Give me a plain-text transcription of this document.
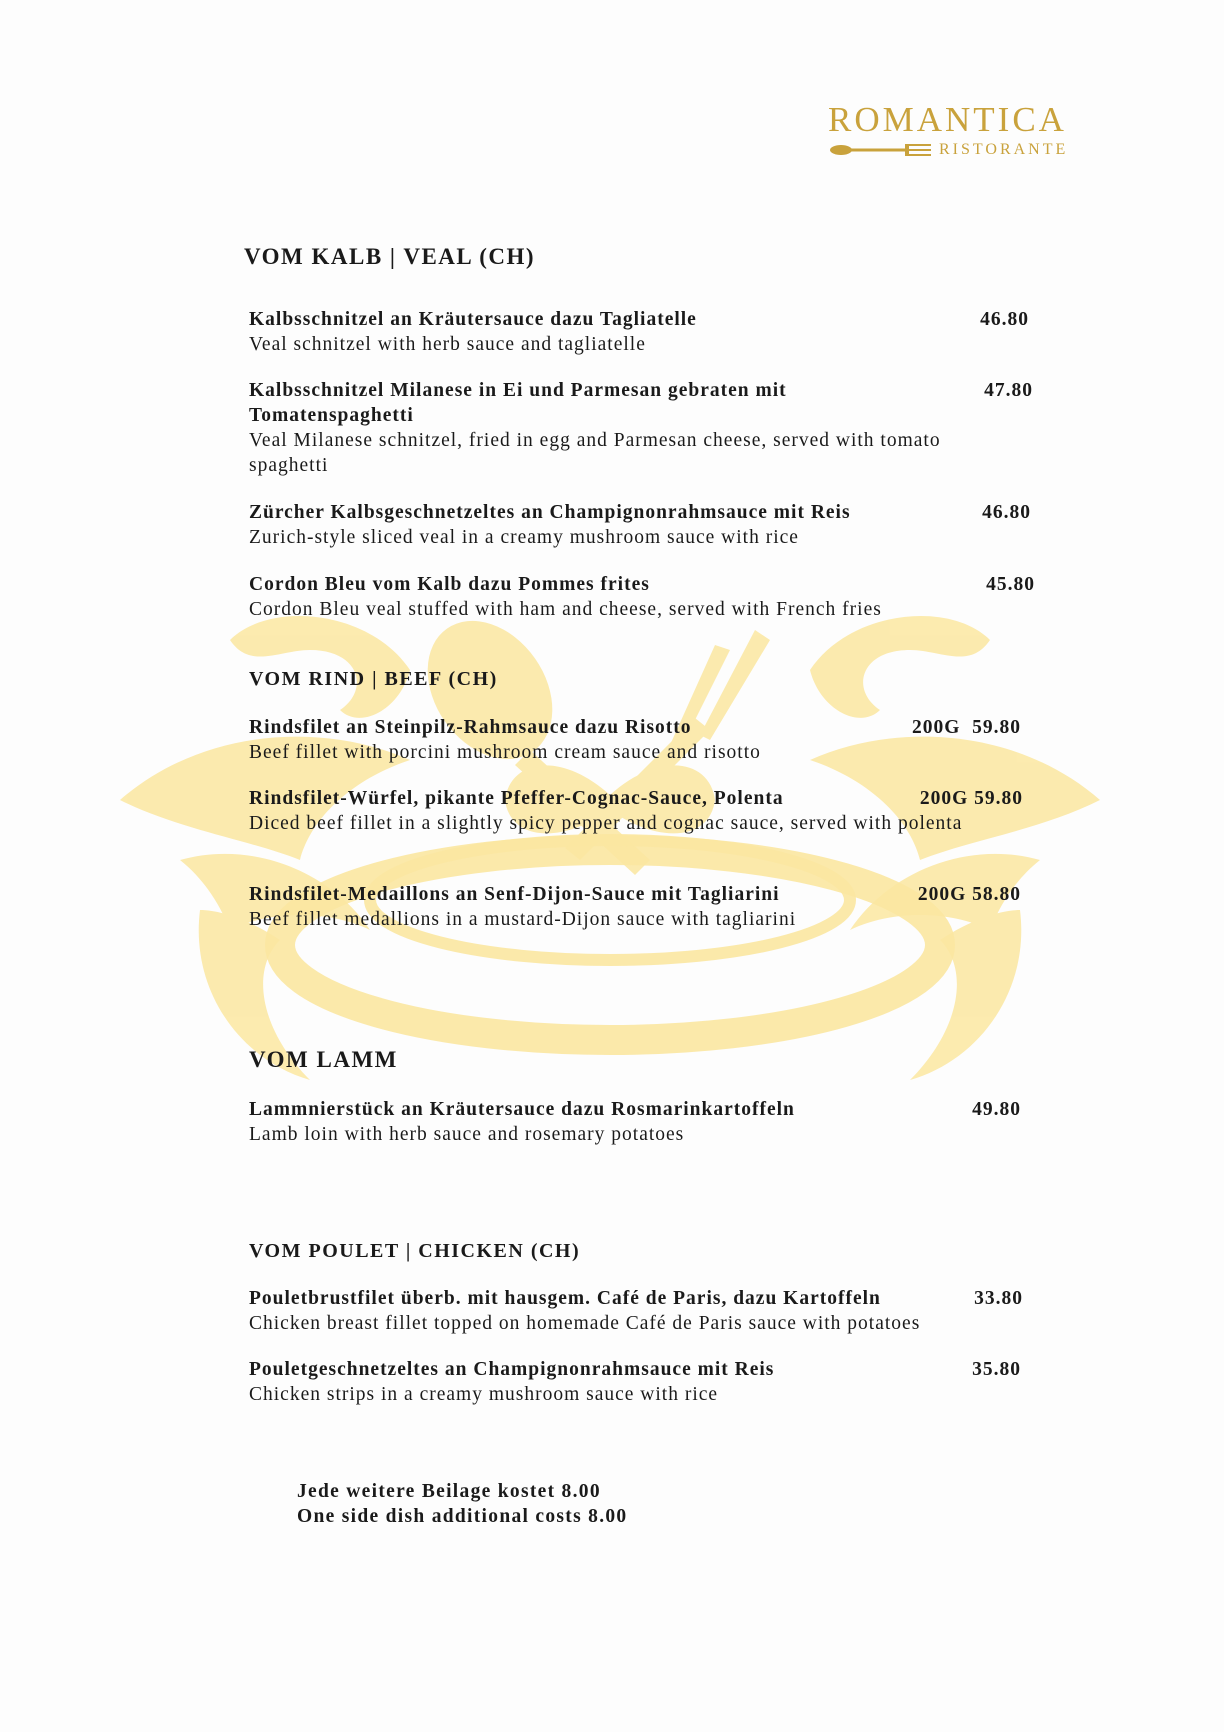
ROMANTICA
RISTORANTE
VOM KALB | VEAL (CH)
Kalbsschnitzel an Kräutersauce dazu Tagliatelle
Veal schnitzel with herb sauce and tagliatelle
46.80
Kalbsschnitzel Milanese in Ei und Parmesan gebraten mit Tomatenspaghetti
Veal Milanese schnitzel, fried in egg and Parmesan cheese, served with tomato spaghetti
47.80
Zürcher Kalbsgeschnetzeltes an Champignonrahmsauce mit Reis
Zurich-style sliced veal in a creamy mushroom sauce with rice
46.80
Cordon Bleu vom Kalb dazu Pommes frites
Cordon Bleu veal stuffed with ham and cheese, served with French fries
45.80
VOM RIND | BEEF (CH)
Rindsfilet an Steinpilz-Rahmsauce dazu Risotto
Beef fillet with porcini mushroom cream sauce and risotto
200G  59.80
Rindsfilet-Würfel, pikante Pfeffer-Cognac-Sauce, Polenta
Diced beef fillet in a slightly spicy pepper and cognac sauce, served with polenta
200G 59.80
Rindsfilet-Medaillons an Senf-Dijon-Sauce mit Tagliarini
Beef fillet medallions in a mustard-Dijon sauce with tagliarini
200G 58.80
VOM LAMM
Lammnierstück an Kräutersauce dazu Rosmarinkartoffeln
Lamb loin with herb sauce and rosemary potatoes
49.80
VOM POULET | CHICKEN (CH)
Pouletbrustfilet überb. mit hausgem. Café de Paris, dazu Kartoffeln
Chicken breast fillet topped on homemade Café de Paris sauce with potatoes
33.80
Pouletgeschnetzeltes an Champignonrahmsauce mit Reis
Chicken strips in a creamy mushroom sauce with rice
35.80
Jede weitere Beilage kostet 8.00
One side dish additional costs 8.00
